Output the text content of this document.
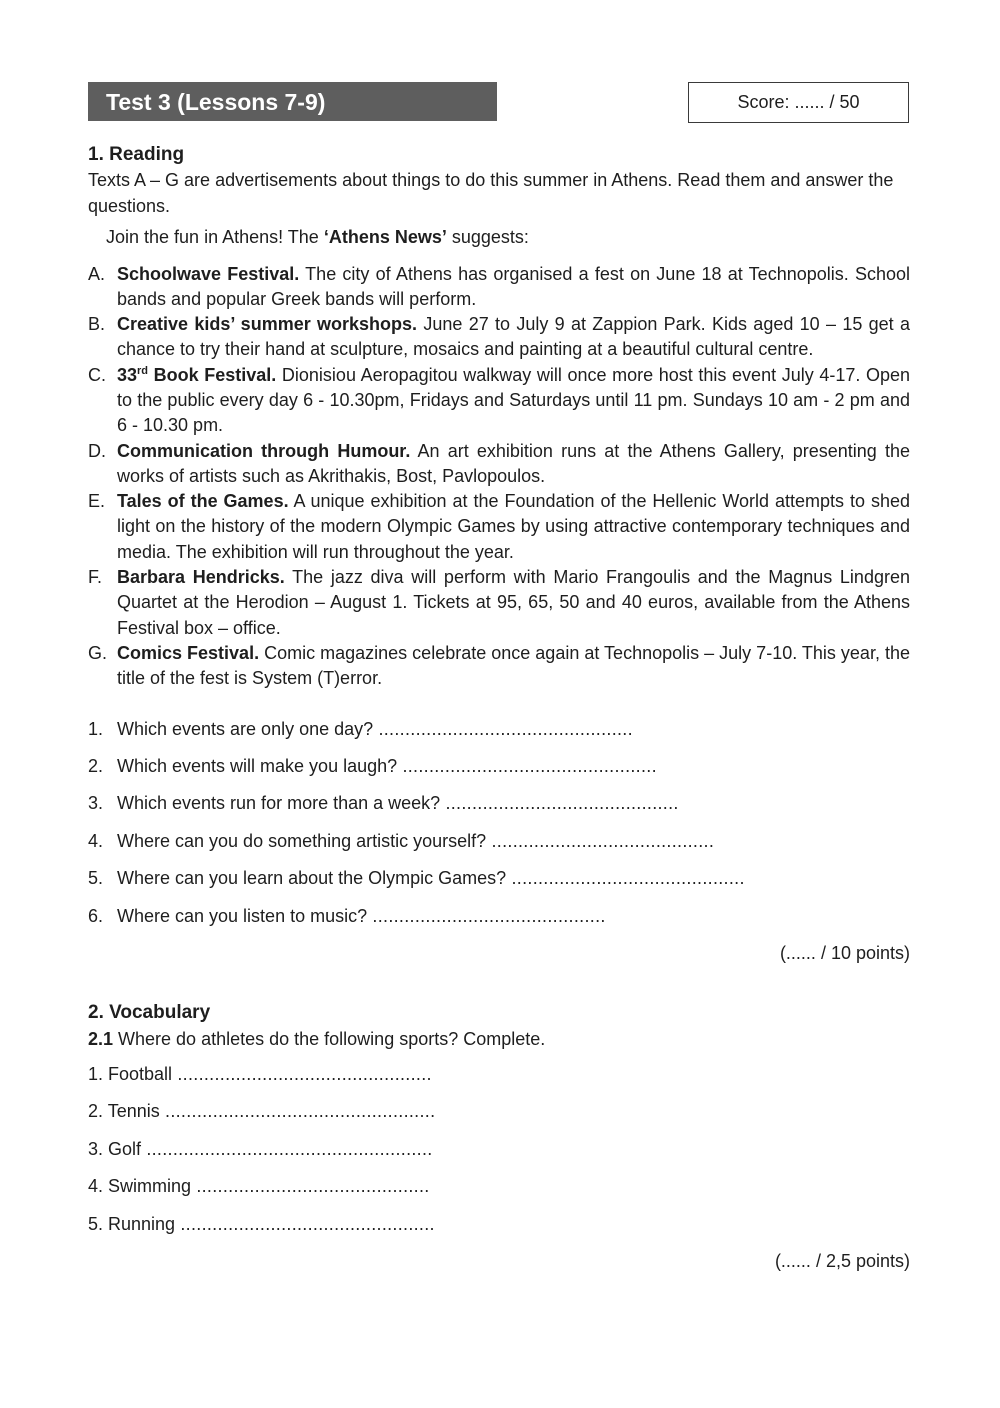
Test 3 (Lessons 7-9)	Score: ...... / 50
1. Reading
Texts A – G are advertisements about things to do this summer in Athens. Read them and answer the questions.
Join the fun in Athens! The ‘Athens News’ suggests:
A. Schoolwave Festival. The city of Athens has organised a fest on June 18 at Technopolis. School bands and popular Greek bands will perform.
B. Creative kids’ summer workshops. June 27 to July 9 at Zappion Park. Kids aged 10 – 15 get a chance to try their hand at sculpture, mosaics and painting at a beautiful cultural centre.
C. 33rd Book Festival. Dionisiou Aeropagitou walkway will once more host this event July 4-17. Open to the public every day 6 - 10.30pm, Fridays and Saturdays until 11 pm. Sundays 10 am - 2 pm and 6 - 10.30 pm.
D. Communication through Humour. An art exhibition runs at the Athens Gallery, presenting the works of artists such as Akrithakis, Bost, Pavlopoulos.
E. Tales of the Games. A unique exhibition at the Foundation of the Hellenic World attempts to shed light on the history of the modern Olympic Games by using attractive contemporary techniques and media. The exhibition will run throughout the year.
F. Barbara Hendricks. The jazz diva will perform with Mario Frangoulis and the Magnus Lindgren Quartet at the Herodion – August 1. Tickets at 95, 65, 50 and 40 euros, available from the Athens Festival box – office.
G. Comics Festival. Comic magazines celebrate once again at Technopolis – July 7-10. This year, the title of the fest is System (T)error.
1. Which events are only one day? ................................................
2. Which events will make you laugh? ................................................
3. Which events run for more than a week? ............................................
4. Where can you do something artistic yourself? ..........................................
5. Where can you learn about the Olympic Games? ............................................
6. Where can you listen to music? ............................................
(...... / 10 points)
2. Vocabulary
2.1 Where do athletes do the following sports? Complete.
1. Football ................................................
2. Tennis ...................................................
3. Golf ......................................................
4. Swimming ............................................
5. Running ................................................
(...... / 2,5 points)
